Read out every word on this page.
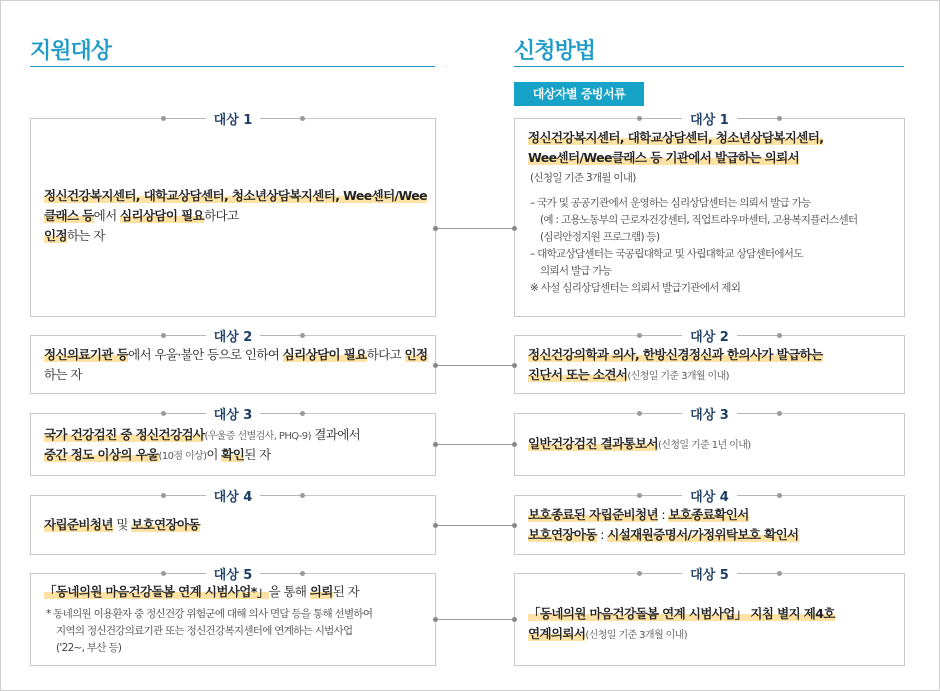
지원대상	신청방법
대상자별 증빙서류
대상 1
대상 2
대상 3
대상 4
대상 5
대상 1
대상 2
대상 3
대상 4
대상 5
정신건강복지센터, 대학교상담센터, 청소년상담복지센터, Wee센터/Wee클래스 등에서 심리상담이 필요하다고
인정하는 자
정신의료기관 등에서 우울·불안 등으로 인하여 심리상담이 필요하다고 인정하는 자
국가 건강검진 중 정신건강검사(우울증 선별검사, PHQ-9) 결과에서
중간 정도 이상의 우울(10점 이상)이 확인된 자
자립준비청년 및 보호연장아동
「동네의원 마음건강돌봄 연계 시범사업*」을 통해 의뢰된 자
* 동네의원 이용환자 중 정신건강 위험군에 대해 의사 면담 등을 통해 선별하여
지역의 정신건강의료기관 또는 정신건강복지센터에 연계하는 시범사업
('22~, 부산 등)
정신건강복지센터, 대학교상담센터, 청소년상담복지센터,
Wee센터/Wee클래스 등 기관에서 발급하는 의뢰서
(신청일 기준 3개월 이내)
– 국가 및 공공기관에서 운영하는 심리상담센터는 의뢰서 발급 가능
(예 : 고용노동부의 근로자건강센터, 직업트라우마센터, 고용복지플러스센터
(심리안정지원 프로그램) 등)
– 대학교상담센터는 국공립대학교 및 사립대학교 상담센터에서도
의뢰서 발급 가능
※ 사설 심리상담센터는 의뢰서 발급기관에서 제외
정신건강의학과 의사, 한방신경정신과 한의사가 발급하는
진단서 또는 소견서(신청일 기준 3개월 이내)
일반건강검진 결과통보서(신청일 기준 1년 이내)
보호종료된 자립준비청년 : 보호종료확인서
보호연장아동 : 시설재원증명서/가정위탁보호 확인서
「동네의원 마음건강돌봄 연계 시범사업」 지침 별지 제4호
연계의뢰서(신청일 기준 3개월 이내)
